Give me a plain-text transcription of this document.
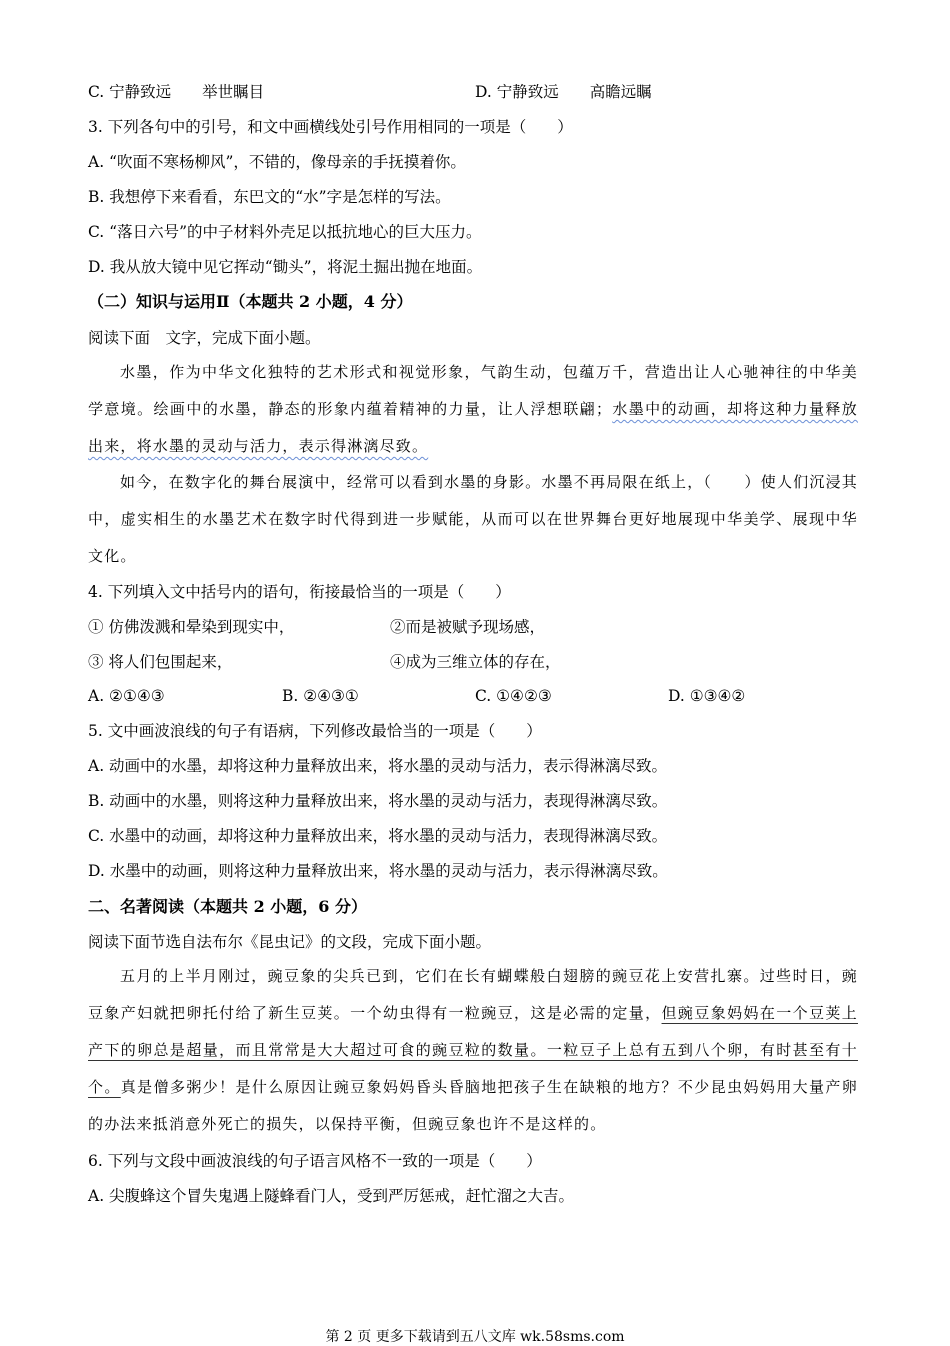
C. 宁静致远　　举世瞩目	D. 宁静致远　　高瞻远瞩
3. 下列各句中的引号，和文中画横线处引号作用相同的一项是（　　）
A. “吹面不寒杨柳风”，不错的，像母亲的手抚摸着你。
B. 我想停下来看看，东巴文的“水”字是怎样的写法。
C. “落日六号”的中子材料外壳足以抵抗地心的巨大压力。
D. 我从放大镜中见它挥动“锄头”，将泥土掘出抛在地面。
（二）知识与运用Ⅱ（本题共 2 小题，4 分）
阅读下面　文字，完成下面小题。
水墨，作为中华文化独特的艺术形式和视觉形象，气韵生动，包蕴万千，营造出让人心驰神往的中华美学意境。绘画中的水墨，静态的形象内蕴着精神的力量，让人浮想联翩；水墨中的动画，却将这种力量释放出来，将水墨的灵动与活力，表示得淋漓尽致。
如今，在数字化的舞台展演中，经常可以看到水墨的身影。水墨不再局限在纸上，（　　）使人们沉浸其中，虚实相生的水墨艺术在数字时代得到进一步赋能，从而可以在世界舞台更好地展现中华美学、展现中华文化。
4. 下列填入文中括号内的语句，衔接最恰当的一项是（　　）
① 仿佛泼溅和晕染到现实中，	②而是被赋予现场感，
③ 将人们包围起来，	④成为三维立体的存在，
A. ②①④③	B. ②④③①	C. ①④②③	D. ①③④②
5. 文中画波浪线的句子有语病，下列修改最恰当的一项是（　　）
A. 动画中的水墨，却将这种力量释放出来，将水墨的灵动与活力，表示得淋漓尽致。
B. 动画中的水墨，则将这种力量释放出来，将水墨的灵动与活力，表现得淋漓尽致。
C. 水墨中的动画，却将这种力量释放出来，将水墨的灵动与活力，表现得淋漓尽致。
D. 水墨中的动画，则将这种力量释放出来，将水墨的灵动与活力，表示得淋漓尽致。
二、名著阅读（本题共 2 小题，6 分）
阅读下面节选自法布尔《昆虫记》的文段，完成下面小题。
五月的上半月刚过，豌豆象的尖兵已到，它们在长有蝴蝶般白翅膀的豌豆花上安营扎寨。过些时日，豌豆象产妇就把卵托付给了新生豆荚。一个幼虫得有一粒豌豆，这是必需的定量，但豌豆象妈妈在一个豆荚上产下的卵总是超量，而且常常是大大超过可食的豌豆粒的数量。一粒豆子上总有五到八个卵，有时甚至有十个。真是僧多粥少！是什么原因让豌豆象妈妈昏头昏脑地把孩子生在缺粮的地方？不少昆虫妈妈用大量产卵的办法来抵消意外死亡的损失，以保持平衡，但豌豆象也许不是这样的。
6. 下列与文段中画波浪线的句子语言风格不一致的一项是（　　）
A. 尖腹蜂这个冒失鬼遇上隧蜂看门人，受到严厉惩戒，赶忙溜之大吉。
第 2 页 更多下载请到五八文库 wk.58sms.com
